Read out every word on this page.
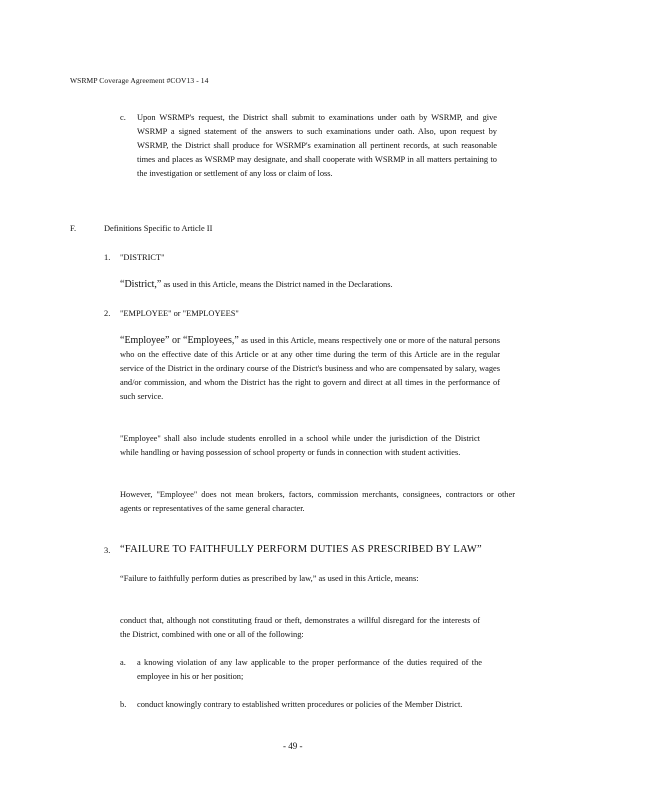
WSRMP Coverage Agreement #COV13 - 14
c. Upon WSRMP's request, the District shall submit to examinations under oath by WSRMP, and give WSRMP a signed statement of the answers to such examinations under oath. Also, upon request by WSRMP, the District shall produce for WSRMP's examination all pertinent records, at such reasonable times and places as WSRMP may designate, and shall cooperate with WSRMP in all matters pertaining to the investigation or settlement of any loss or claim of loss.
F.	Definitions Specific to Article II
1. "DISTRICT"
“District,” as used in this Article, means the District named in the Declarations.
2. "EMPLOYEE" or "EMPLOYEES"
“Employee” or “Employees,” as used in this Article, means respectively one or more of the natural persons who on the effective date of this Article or at any other time during the term of this Article are in the regular service of the District in the ordinary course of the District's business and who are compensated by salary, wages and/or commission, and whom the District has the right to govern and direct at all times in the performance of such service.
"Employee" shall also include students enrolled in a school while under the jurisdiction of the District while handling or having possession of school property or funds in connection with student activities.
However, "Employee" does not mean brokers, factors, commission merchants, consignees, contractors or other agents or representatives of the same general character.
3. “FAILURE TO FAITHFULLY PERFORM DUTIES AS PRESCRIBED BY LAW”
“Failure to faithfully perform duties as prescribed by law,” as used in this Article, means:
conduct that, although not constituting fraud or theft, demonstrates a willful disregard for the interests of the District, combined with one or all of the following:
a. a knowing violation of any law applicable to the proper performance of the duties required of the employee in his or her position;
b. conduct knowingly contrary to established written procedures or policies of the Member District.
- 49 -
